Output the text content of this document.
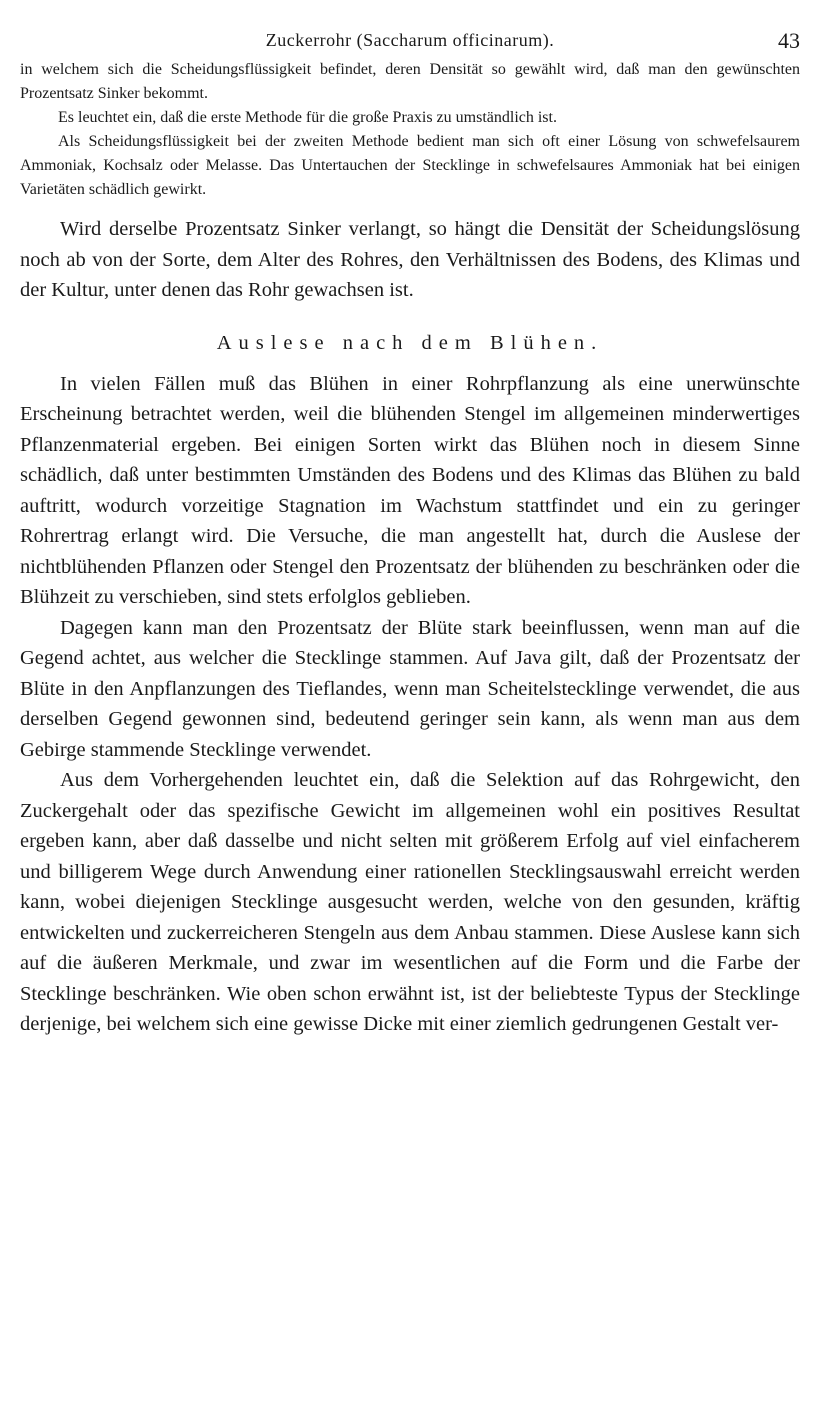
Zuckerrohr (Saccharum officinarum).	43

in welchem sich die Scheidungsflüssigkeit befindet, deren Densität so gewählt wird, daß man den gewünschten Prozentsatz Sinker bekommt.

Es leuchtet ein, daß die erste Methode für die große Praxis zu umständlich ist.

Als Scheidungsflüssigkeit bei der zweiten Methode bedient man sich oft einer Lösung von schwefelsaurem Ammoniak, Kochsalz oder Melasse. Das Untertauchen der Stecklinge in schwefelsaures Ammoniak hat bei einigen Varietäten schädlich gewirkt.

Wird derselbe Prozentsatz Sinker verlangt, so hängt die Densität der Scheidungslösung noch ab von der Sorte, dem Alter des Rohres, den Verhältnissen des Bodens, des Klimas und der Kultur, unter denen das Rohr gewachsen ist.

Auslese nach dem Blühen.

In vielen Fällen muß das Blühen in einer Rohrpflanzung als eine unerwünschte Erscheinung betrachtet werden, weil die blühenden Stengel im allgemeinen minderwertiges Pflanzenmaterial ergeben. Bei einigen Sorten wirkt das Blühen noch in diesem Sinne schädlich, daß unter bestimmten Umständen des Bodens und des Klimas das Blühen zu bald auftritt, wodurch vorzeitige Stagnation im Wachstum stattfindet und ein zu geringer Rohrertrag erlangt wird. Die Versuche, die man angestellt hat, durch die Auslese der nichtblühenden Pflanzen oder Stengel den Prozentsatz der blühenden zu beschränken oder die Blühzeit zu verschieben, sind stets erfolglos geblieben.

Dagegen kann man den Prozentsatz der Blüte stark beeinflussen, wenn man auf die Gegend achtet, aus welcher die Stecklinge stammen. Auf Java gilt, daß der Prozentsatz der Blüte in den Anpflanzungen des Tieflandes, wenn man Scheitelstecklinge verwendet, die aus derselben Gegend gewonnen sind, bedeutend geringer sein kann, als wenn man aus dem Gebirge stammende Stecklinge verwendet.

Aus dem Vorhergehenden leuchtet ein, daß die Selektion auf das Rohrgewicht, den Zuckergehalt oder das spezifische Gewicht im allgemeinen wohl ein positives Resultat ergeben kann, aber daß dasselbe und nicht selten mit größerem Erfolg auf viel einfacherem und billigerem Wege durch Anwendung einer rationellen Stecklingsauswahl erreicht werden kann, wobei diejenigen Stecklinge ausgesucht werden, welche von den gesunden, kräftig entwickelten und zuckerreicheren Stengeln aus dem Anbau stammen. Diese Auslese kann sich auf die äußeren Merkmale, und zwar im wesentlichen auf die Form und die Farbe der Stecklinge beschränken. Wie oben schon erwähnt ist, ist der beliebteste Typus der Stecklinge derjenige, bei welchem sich eine gewisse Dicke mit einer ziemlich gedrungenen Gestalt ver-
